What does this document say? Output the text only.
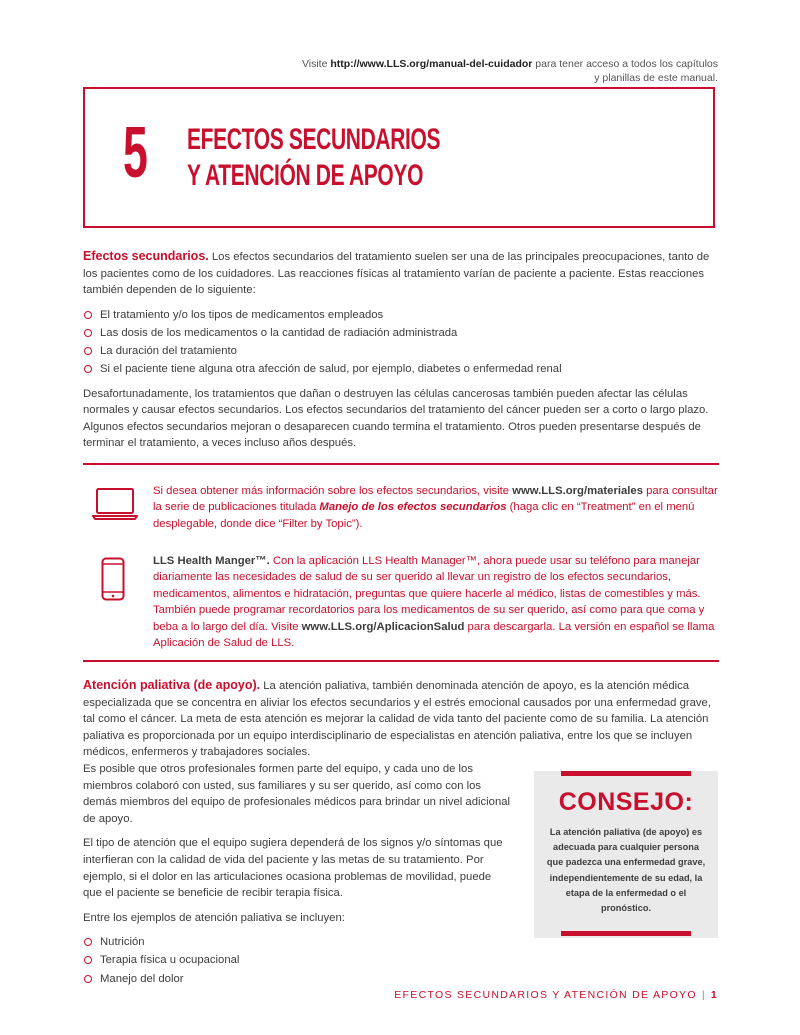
Visite http://www.LLS.org/manual-del-cuidador para tener acceso a todos los capítulos y planillas de este manual.
5 EFECTOS SECUNDARIOS
Y ATENCIÓN DE APOYO

Efectos secundarios. Los efectos secundarios del tratamiento suelen ser una de las principales preocupaciones, tanto de los pacientes como de los cuidadores. Las reacciones físicas al tratamiento varían de paciente a paciente. Estas reacciones también dependen de lo siguiente:

El tratamiento y/o los tipos de medicamentos empleados
Las dosis de los medicamentos o la cantidad de radiación administrada
La duración del tratamiento
Si el paciente tiene alguna otra afección de salud, por ejemplo, diabetes o enfermedad renal

Desafortunadamente, los tratamientos que dañan o destruyen las células cancerosas también pueden afectar las células normales y causar efectos secundarios. Los efectos secundarios del tratamiento del cáncer pueden ser a corto o largo plazo. Algunos efectos secundarios mejoran o desaparecen cuando termina el tratamiento. Otros pueden presentarse después de terminar el tratamiento, a veces incluso años después.

Si desea obtener más información sobre los efectos secundarios, visite www.LLS.org/materiales para consultar la serie de publicaciones titulada Manejo de los efectos secundarios (haga clic en “Treatment” en el menú desplegable, donde dice “Filter by Topic”).
LLS Health Manger™. Con la aplicación LLS Health Manager™, ahora puede usar su teléfono para manejar diariamente las necesidades de salud de su ser querido al llevar un registro de los efectos secundarios, medicamentos, alimentos e hidratación, preguntas que quiere hacerle al médico, listas de comestibles y más. También puede programar recordatorios para los medicamentos de su ser querido, así como para que coma y beba a lo largo del día. Visite www.LLS.org/AplicacionSalud para descargarla. La versión en español se llama Aplicación de Salud de LLS.

Atención paliativa (de apoyo). La atención paliativa, también denominada atención de apoyo, es la atención médica especializada que se concentra en aliviar los efectos secundarios y el estrés emocional causados por una enfermedad grave, tal como el cáncer. La meta de esta atención es mejorar la calidad de vida tanto del paciente como de su familia. La atención paliativa es proporcionada por un equipo interdisciplinario de especialistas en atención paliativa, entre los que se incluyen médicos, enfermeros y trabajadores sociales.

Es posible que otros profesionales formen parte del equipo, y cada uno de los miembros colaboró con usted, sus familiares y su ser querido, así como con los demás miembros del equipo de profesionales médicos para brindar un nivel adicional de apoyo.

El tipo de atención que el equipo sugiera dependerá de los signos y/o síntomas que interfieran con la calidad de vida del paciente y las metas de su tratamiento. Por ejemplo, si el dolor en las articulaciones ocasiona problemas de movilidad, puede que el paciente se beneficie de recibir terapia física.

Entre los ejemplos de atención paliativa se incluyen:

Nutrición
Terapia física u ocupacional
Manejo del dolor
CONSEJO:
La atención paliativa (de apoyo) es adecuada para cualquier persona que padezca una enfermedad grave, independientemente de su edad, la etapa de la enfermedad o el pronóstico.
EFECTOS SECUNDARIOS Y ATENCIÓN DE APOYO | 1
